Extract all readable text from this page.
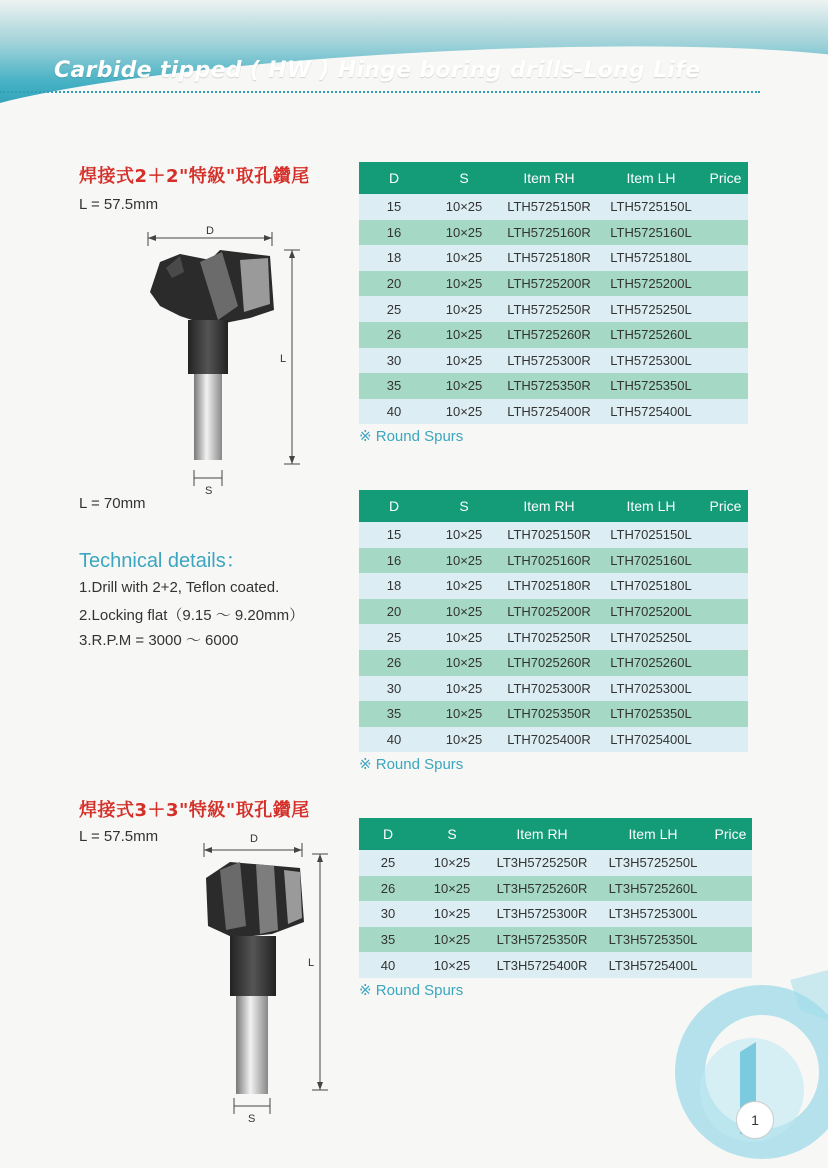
Carbide tipped ( HW ) Hinge boring drills-Long Life
焊接式2＋2"特級"取孔鑽尾
L = 57.5mm
D
L
S
L = 70mm
Technical details：
1.Drill with 2+2, Teflon coated.
2.Locking flat（9.15 ～ 9.20mm）
3.R.P.M = 3000 ～ 6000
D	S	Item RH	Item LH	Price
15	10×25	LTH5725150R	LTH5725150L	
16	10×25	LTH5725160R	LTH5725160L	
18	10×25	LTH5725180R	LTH5725180L	
20	10×25	LTH5725200R	LTH5725200L	
25	10×25	LTH5725250R	LTH5725250L	
26	10×25	LTH5725260R	LTH5725260L	
30	10×25	LTH5725300R	LTH5725300L	
35	10×25	LTH5725350R	LTH5725350L	
40	10×25	LTH5725400R	LTH5725400L	
※ Round Spurs
D	S	Item RH	Item LH	Price
15	10×25	LTH7025150R	LTH7025150L	
16	10×25	LTH7025160R	LTH7025160L	
18	10×25	LTH7025180R	LTH7025180L	
20	10×25	LTH7025200R	LTH7025200L	
25	10×25	LTH7025250R	LTH7025250L	
26	10×25	LTH7025260R	LTH7025260L	
30	10×25	LTH7025300R	LTH7025300L	
35	10×25	LTH7025350R	LTH7025350L	
40	10×25	LTH7025400R	LTH7025400L	
※ Round Spurs
焊接式3＋3"特級"取孔鑽尾
L = 57.5mm	D
L
S
D	S	Item RH	Item LH	Price
25	10×25	LT3H5725250R	LT3H5725250L	
26	10×25	LT3H5725260R	LT3H5725260L	
30	10×25	LT3H5725300R	LT3H5725300L	
35	10×25	LT3H5725350R	LT3H5725350L	
40	10×25	LT3H5725400R	LT3H5725400L	
※ Round Spurs
1
